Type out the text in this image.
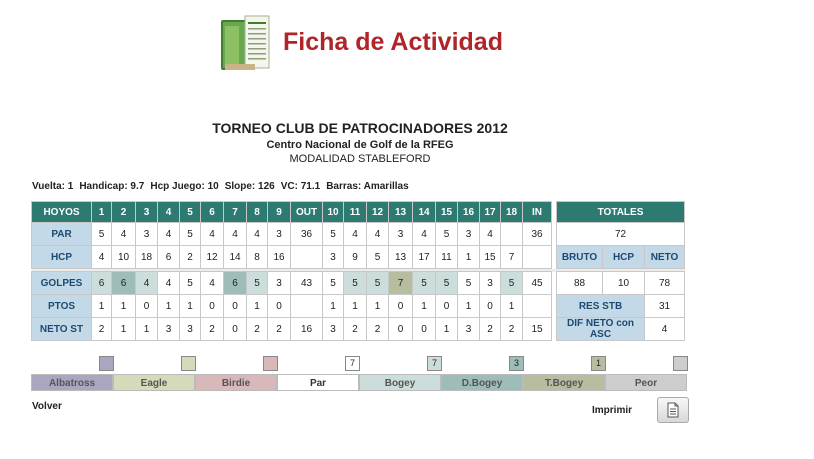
Ficha de Actividad
TORNEO CLUB DE PATROCINADORES 2012
Centro Nacional de Golf de la RFEG
MODALIDAD STABLEFORD
Vuelta: 1 Handicap: 9.7 Hcp Juego: 10 Slope: 126 VC: 71.1 Barras: Amarillas
HOYOS	1	2	3	4	5	6	7	8	9	OUT	10	11	12	13	14	15	16	17	18	IN		TOTALES		
PAR	5	4	3	4	5	4	4	4	3	36	5	4	4	3	4	5	3	4		36		72		
HCP	4	10	18	6	2	12	14	8	16		3	9	5	13	17	11	1	15	7			BRUTO	HCP	NETO

GOLPES	6	6	4	4	5	4	6	5	3	43	5	5	5	7	5	5	5	3	5	45		88	10	78
PTOS	1	1	0	1	1	0	0	1	0		1	1	1	0	1	0	1	0	1			RES STB		31
NETO ST	2	1	1	3	3	2	0	2	2	16	3	2	2	0	0	1	3	2	2	15		DIF NETO con ASC		4
7	7	3	1
Albatross	Eagle	Birdie	Par	Bogey	D.Bogey	T.Bogey	Peor
Volver	Imprimir
